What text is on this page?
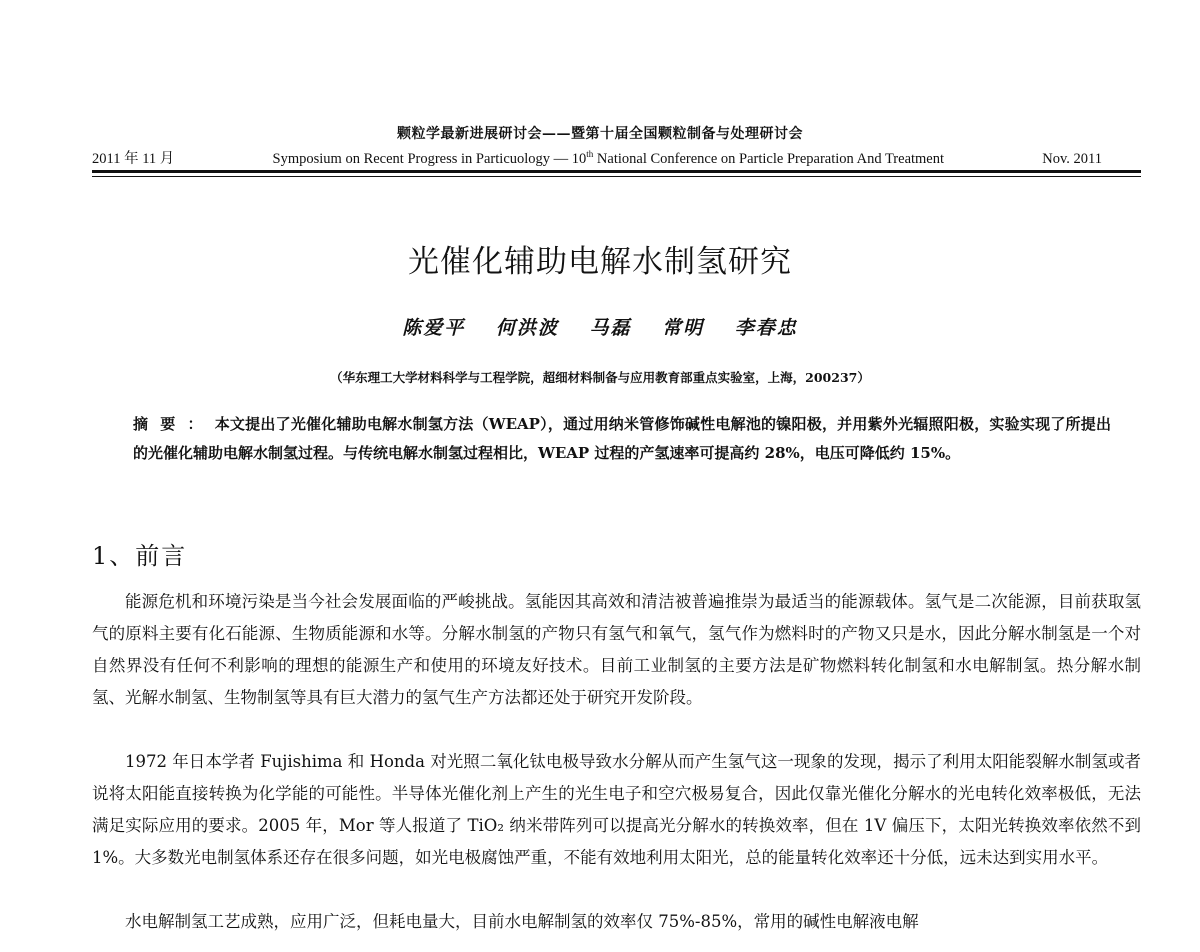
颗粒学最新进展研讨会——暨第十届全国颗粒制备与处理研讨会
2011 年 11 月	Symposium on Recent Progress in Particuology — 10th National Conference on Particle Preparation And Treatment	Nov. 2011
光催化辅助电解水制氢研究
陈爱平 何洪波 马磊 常明 李春忠
（华东理工大学材料科学与工程学院，超细材料制备与应用教育部重点实验室，上海，200237）
摘要：本文提出了光催化辅助电解水制氢方法（WEAP），通过用纳米管修饰碱性电解池的镍阳极，并用紫外光辐照阳极，实验实现了所提出的光催化辅助电解水制氢过程。与传统电解水制氢过程相比，WEAP 过程的产氢速率可提高约 28%，电压可降低约 15%。
1、前言

能源危机和环境污染是当今社会发展面临的严峻挑战。氢能因其高效和清洁被普遍推崇为最适当的能源载体。氢气是二次能源，目前获取氢气的原料主要有化石能源、生物质能源和水等。分解水制氢的产物只有氢气和氧气，氢气作为燃料时的产物又只是水，因此分解水制氢是一个对自然界没有任何不利影响的理想的能源生产和使用的环境友好技术。目前工业制氢的主要方法是矿物燃料转化制氢和水电解制氢。热分解水制氢、光解水制氢、生物制氢等具有巨大潜力的氢气生产方法都还处于研究开发阶段。

1972 年日本学者 Fujishima 和 Honda 对光照二氧化钛电极导致水分解从而产生氢气这一现象的发现，揭示了利用太阳能裂解水制氢或者说将太阳能直接转换为化学能的可能性。半导体光催化剂上产生的光生电子和空穴极易复合，因此仅靠光催化分解水的光电转化效率极低，无法满足实际应用的要求。2005 年，Mor 等人报道了 TiO₂ 纳米带阵列可以提高光分解水的转换效率，但在 1V 偏压下，太阳光转换效率依然不到 1%。大多数光电制氢体系还存在很多问题，如光电极腐蚀严重，不能有效地利用太阳光，总的能量转化效率还十分低，远未达到实用水平。

水电解制氢工艺成熟，应用广泛，但耗电量大，目前水电解制氢的效率仅 75%-85%，常用的碱性电解液电解
